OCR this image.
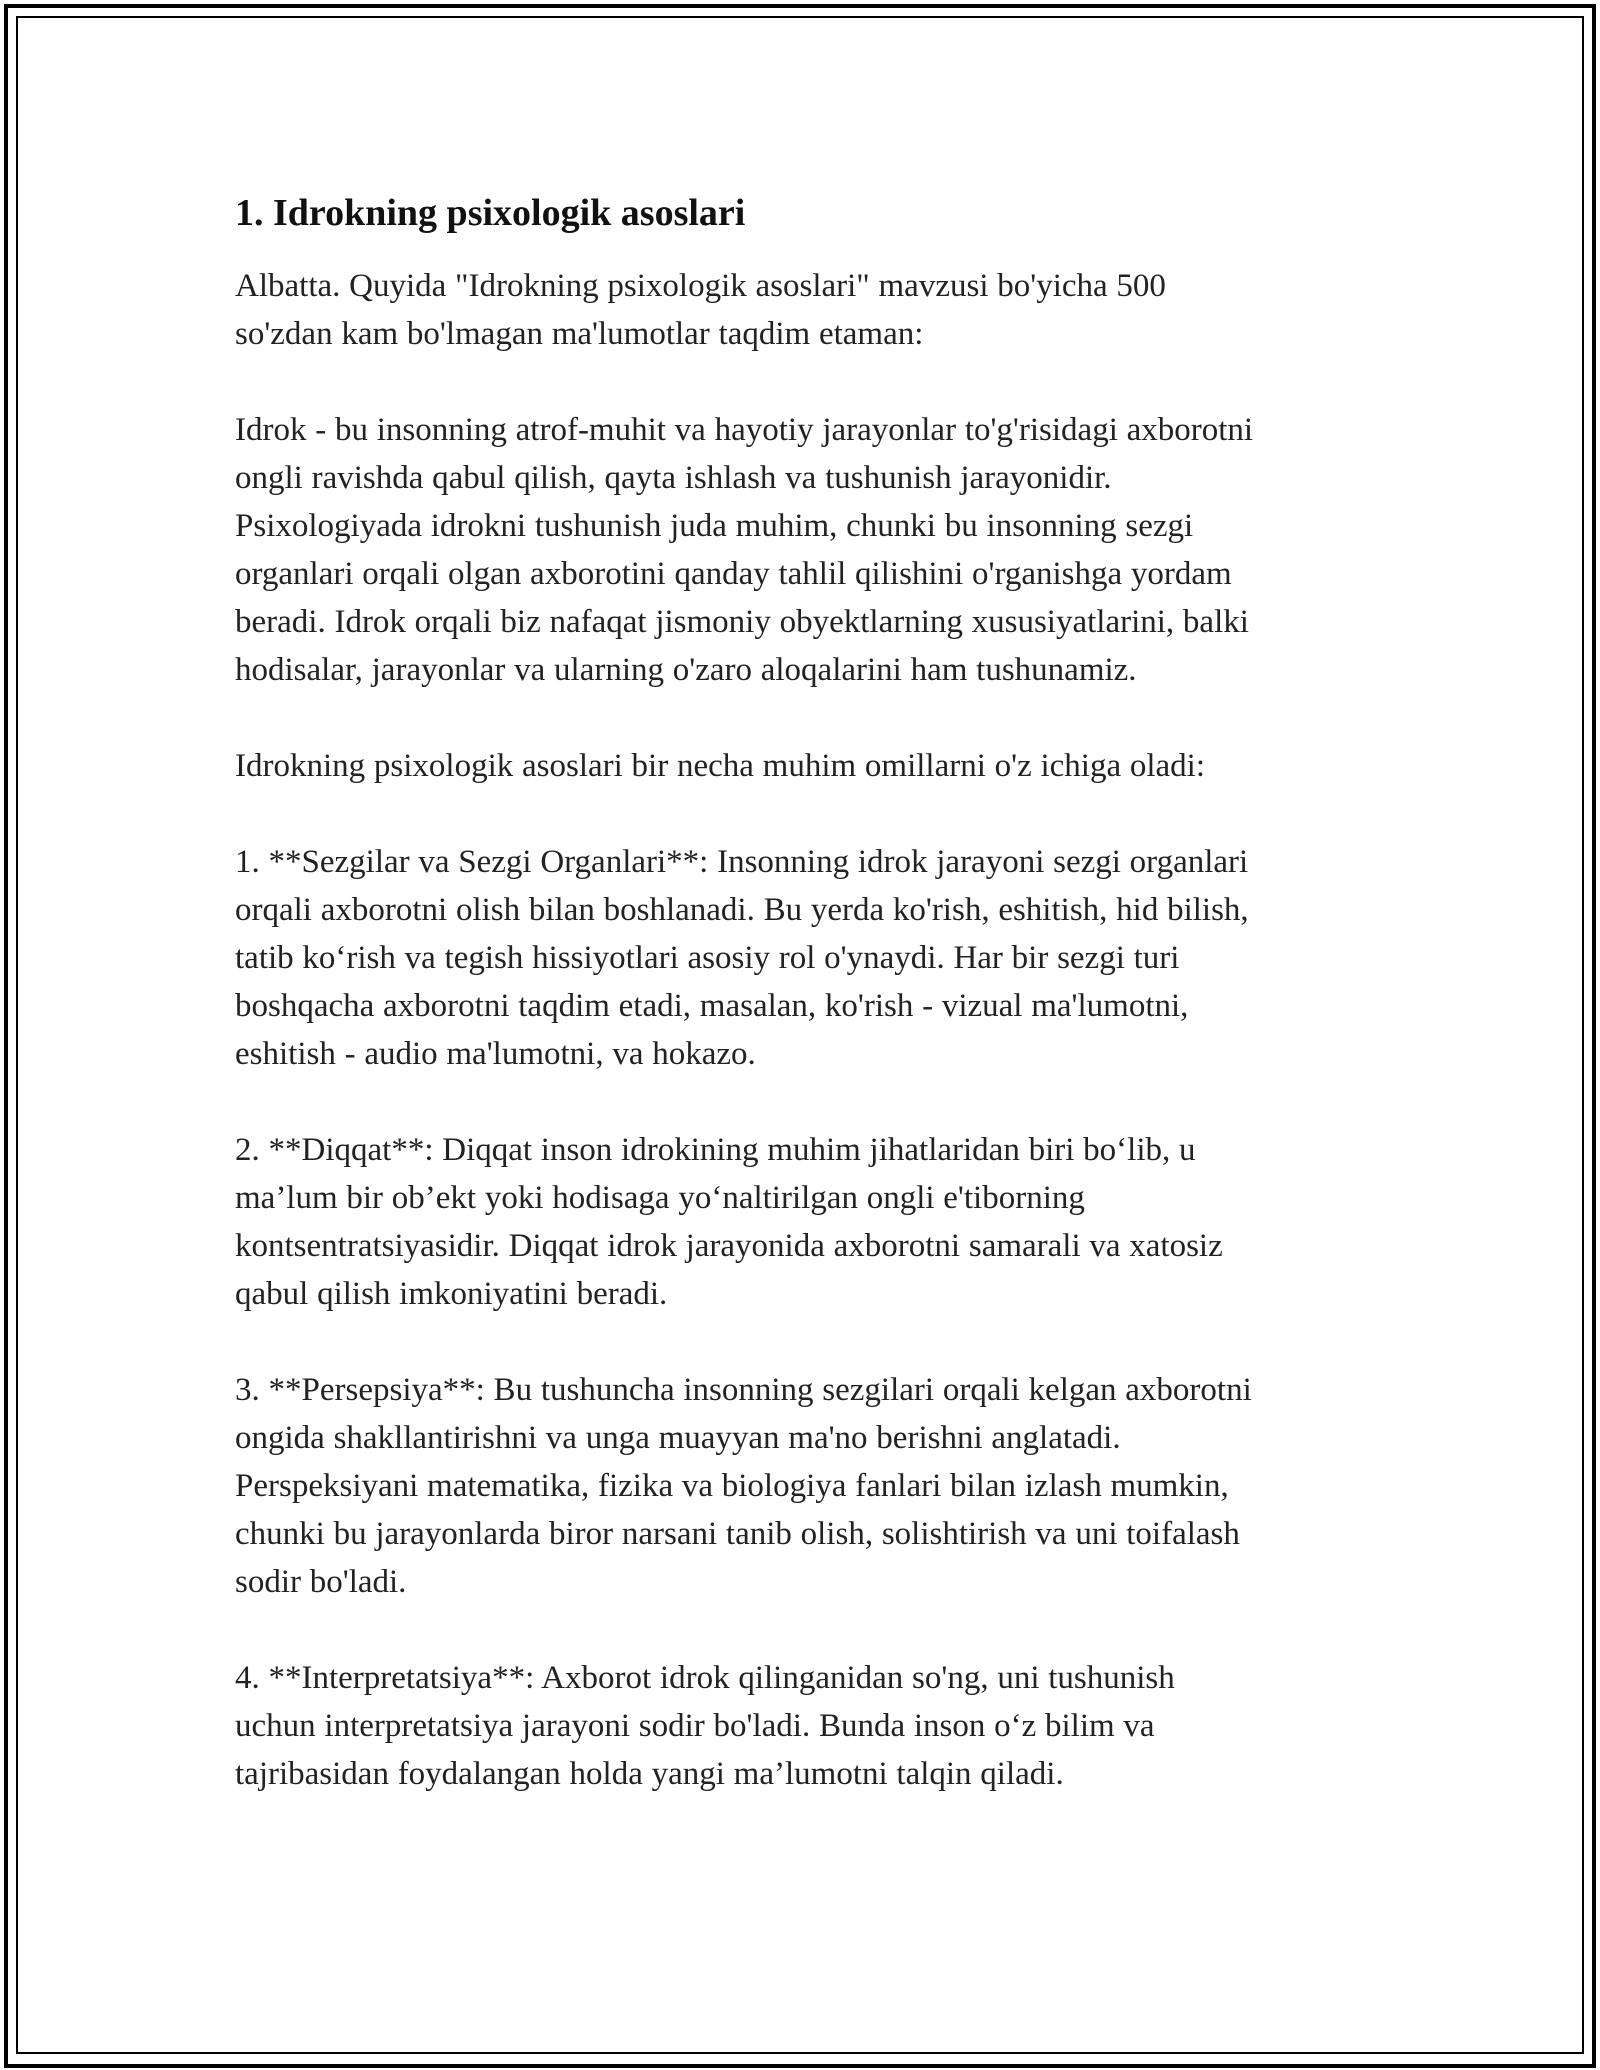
1. Idrokning psixologik asoslari

Albatta. Quyida "Idrokning psixologik asoslari" mavzusi bo'yicha 500
so'zdan kam bo'lmagan ma'lumotlar taqdim etaman:

Idrok - bu insonning atrof-muhit va hayotiy jarayonlar to'g'risidagi axborotni
ongli ravishda qabul qilish, qayta ishlash va tushunish jarayonidir.
Psixologiyada idrokni tushunish juda muhim, chunki bu insonning sezgi
organlari orqali olgan axborotini qanday tahlil qilishini o'rganishga yordam
beradi. Idrok orqali biz nafaqat jismoniy obyektlarning xususiyatlarini, balki
hodisalar, jarayonlar va ularning o'zaro aloqalarini ham tushunamiz.

Idrokning psixologik asoslari bir necha muhim omillarni o'z ichiga oladi:

1. **Sezgilar va Sezgi Organlari**: Insonning idrok jarayoni sezgi organlari
orqali axborotni olish bilan boshlanadi. Bu yerda ko'rish, eshitish, hid bilish,
tatib ko‘rish va tegish hissiyotlari asosiy rol o'ynaydi. Har bir sezgi turi
boshqacha axborotni taqdim etadi, masalan, ko'rish - vizual ma'lumotni,
eshitish - audio ma'lumotni, va hokazo.

2. **Diqqat**: Diqqat inson idrokining muhim jihatlaridan biri bo‘lib, u
ma’lum bir ob’ekt yoki hodisaga yo‘naltirilgan ongli e'tiborning
kontsentratsiyasidir. Diqqat idrok jarayonida axborotni samarali va xatosiz
qabul qilish imkoniyatini beradi.

3. **Persepsiya**: Bu tushuncha insonning sezgilari orqali kelgan axborotni
ongida shakllantirishni va unga muayyan ma'no berishni anglatadi.
Perspeksiyani matematika, fizika va biologiya fanlari bilan izlash mumkin,
chunki bu jarayonlarda biror narsani tanib olish, solishtirish va uni toifalash
sodir bo'ladi.

4. **Interpretatsiya**: Axborot idrok qilinganidan so'ng, uni tushunish
uchun interpretatsiya jarayoni sodir bo'ladi. Bunda inson o‘z bilim va
tajribasidan foydalangan holda yangi ma’lumotni talqin qiladi.
